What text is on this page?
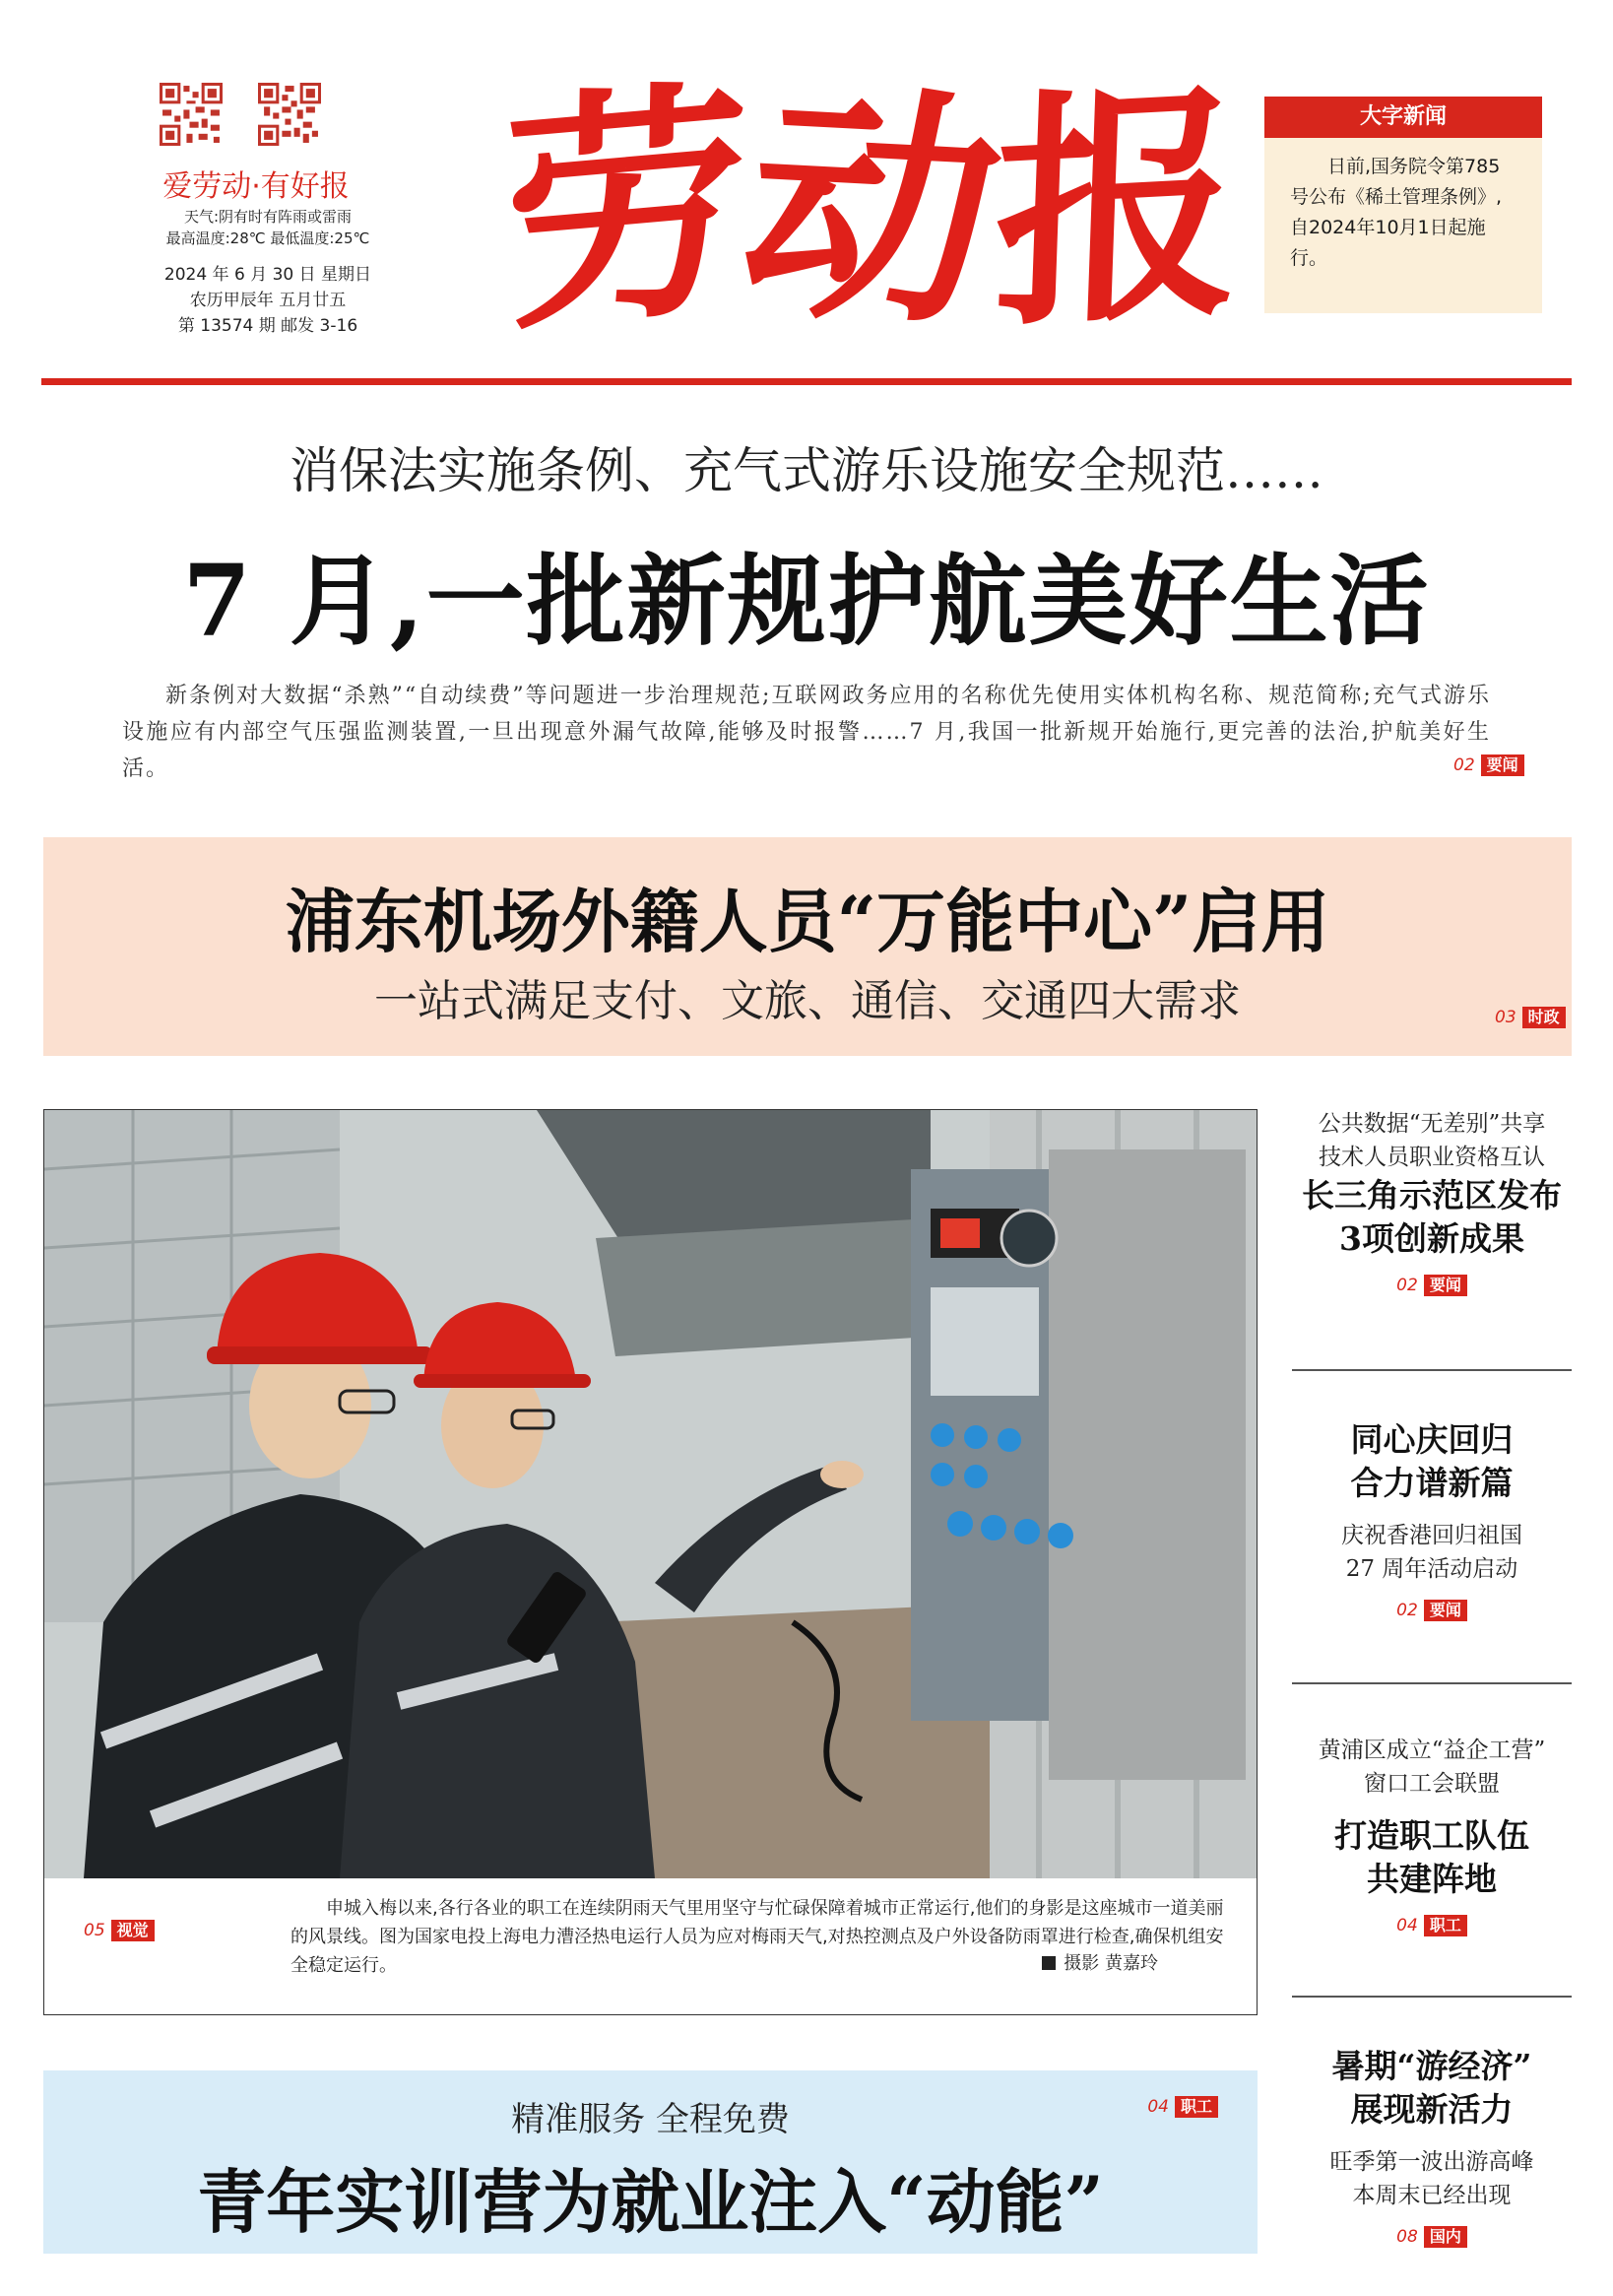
爱劳动·有好报
天气:阴有时有阵雨或雷雨
最高温度:28℃ 最低温度:25℃
2024 年 6 月 30 日 星期日
农历甲辰年 五月廿五
第 13574 期 邮发 3-16 劳
动
报	大字新闻
日前,国务院令第785号公布《稀土管理条例》,自2024年10月1日起施行。
消保法实施条例、充气式游乐设施安全规范……
7 月,一批新规护航美好生活
新条例对大数据“杀熟”“自动续费”等问题进一步治理规范;互联网政务应用的名称优先使用实体机构名称、规范简称;充气式游乐设施应有内部空气压强监测装置,一旦出现意外漏气故障,能够及时报警……7 月,我国一批新规开始施行,更完善的法治,护航美好生活。	02 要闻
浦东机场外籍人员“万能中心”启用
一站式满足支付、文旅、通信、交通四大需求	03 时政
05 视觉
申城入梅以来,各行各业的职工在连续阴雨天气里用坚守与忙碌保障着城市正常运行,他们的身影是这座城市一道美丽的风景线。图为国家电投上海电力漕泾热电运行人员为应对梅雨天气,对热控测点及户外设备防雨罩进行检查,确保机组安全稳定运行。	摄影 黄嘉玲
公共数据“无差别”共享
技术人员职业资格互认
长三角示范区发布
3项创新成果
02 要闻
同心庆回归
合力谱新篇
庆祝香港回归祖国
27 周年活动启动
02 要闻
黄浦区成立“益企工营”
窗口工会联盟
打造职工队伍
共建阵地
04 职工
暑期“游经济”
展现新活力
旺季第一波出游高峰
本周末已经出现
08 国内
精准服务 全程免费
青年实训营为就业注入“动能”
04 职工
